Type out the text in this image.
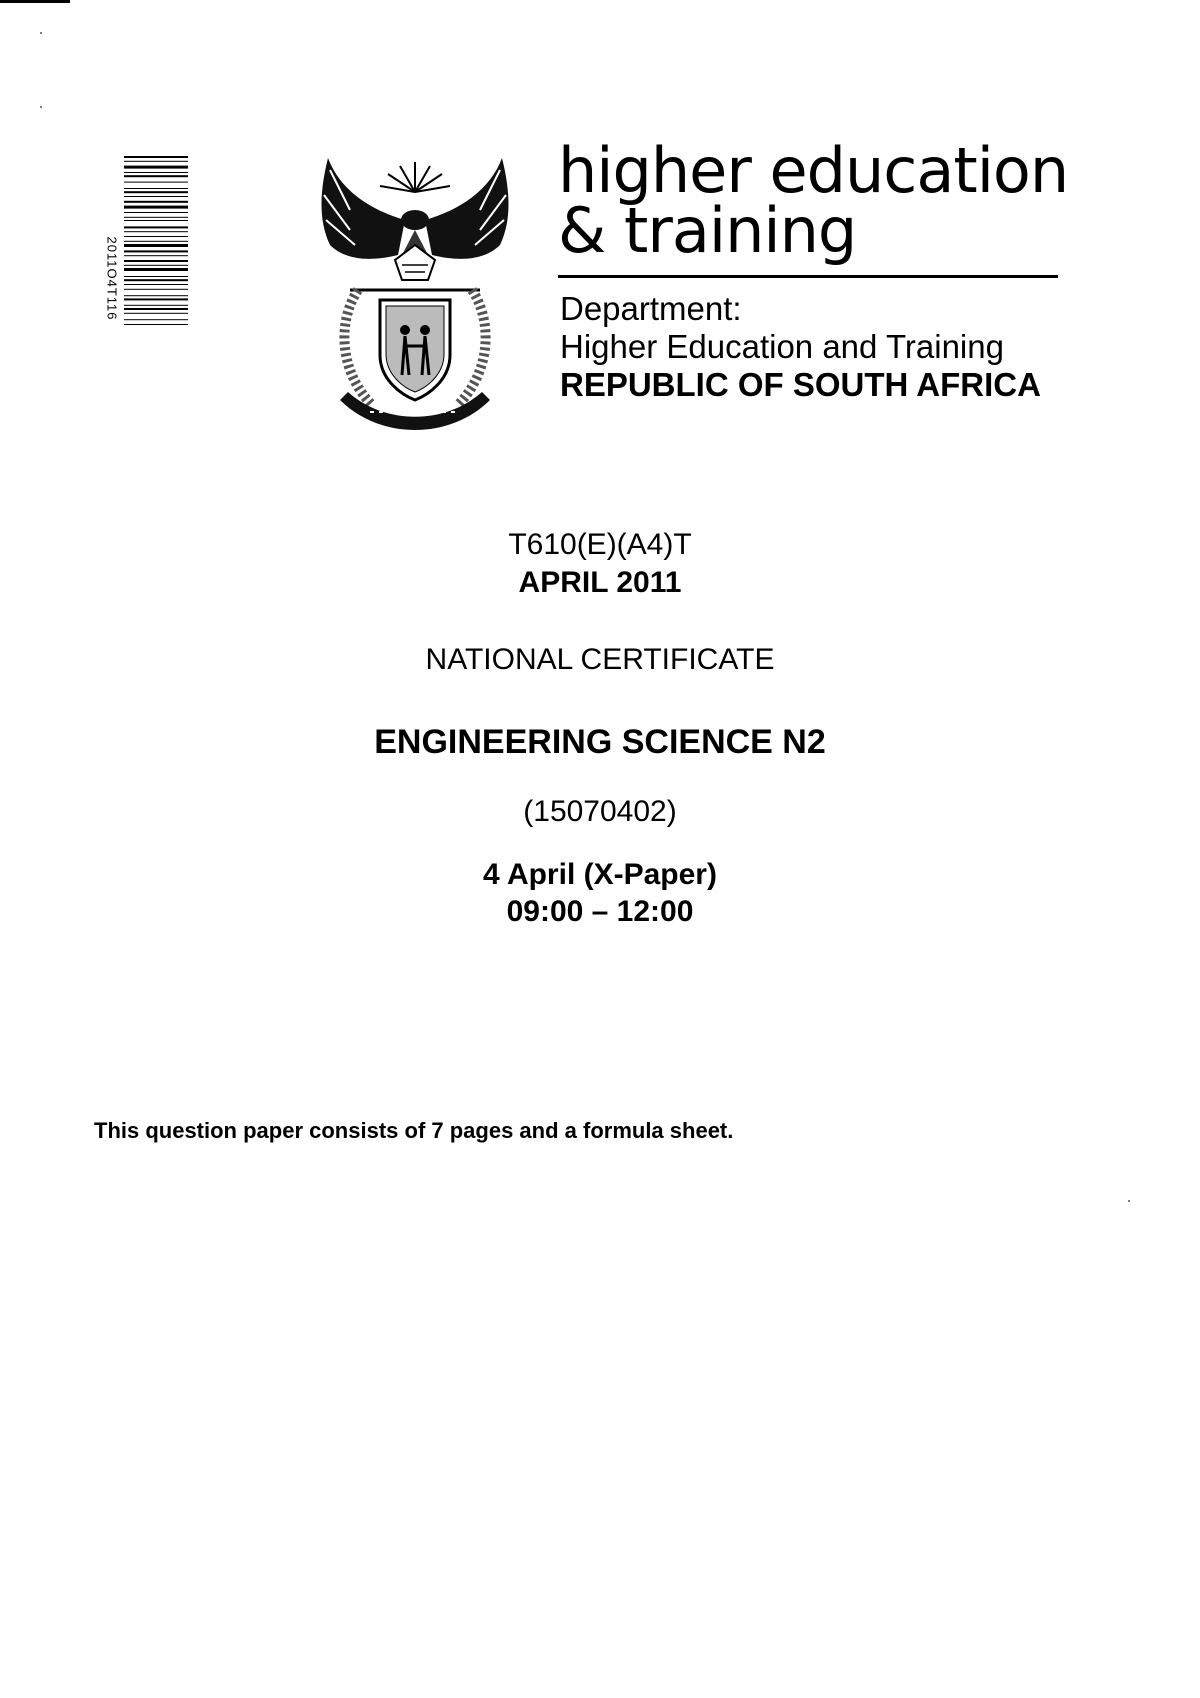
2011O4T116
higher education
& training
Department:
Higher Education and Training
REPUBLIC OF SOUTH AFRICA
T610(E)(A4)T
APRIL 2011
NATIONAL CERTIFICATE
ENGINEERING SCIENCE N2
(15070402)
4 April (X-Paper)
09:00 – 12:00
This question paper consists of 7 pages and a formula sheet.
